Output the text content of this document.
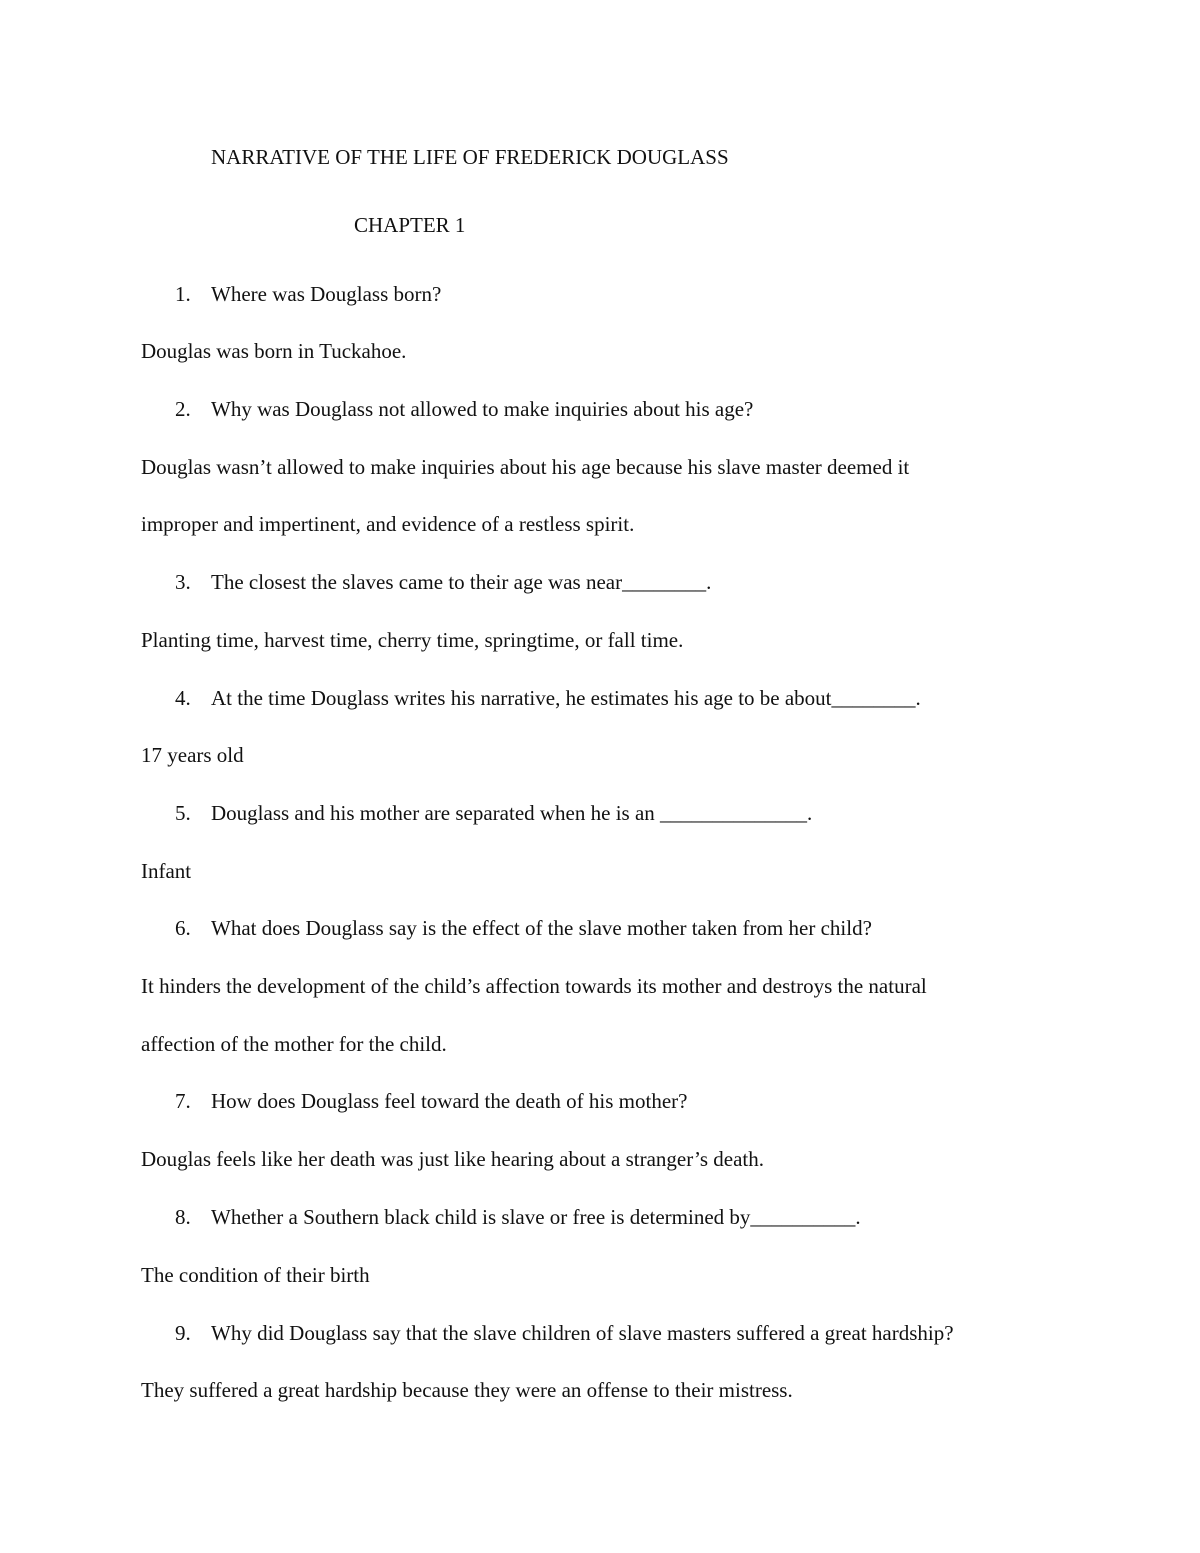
NARRATIVE OF THE LIFE OF FREDERICK DOUGLASS
CHAPTER 1
1. Where was Douglass born?
Douglas was born in Tuckahoe.
2. Why was Douglass not allowed to make inquiries about his age?
Douglas wasn’t allowed to make inquiries about his age because his slave master deemed it
improper and impertinent, and evidence of a restless spirit.
3. The closest the slaves came to their age was near________.
Planting time, harvest time, cherry time, springtime, or fall time.
4. At the time Douglass writes his narrative, he estimates his age to be about________.
17 years old
5. Douglass and his mother are separated when he is an ______________.
Infant
6. What does Douglass say is the effect of the slave mother taken from her child?
It hinders the development of the child’s affection towards its mother and destroys the natural
affection of the mother for the child.
7. How does Douglass feel toward the death of his mother?
Douglas feels like her death was just like hearing about a stranger’s death.
8. Whether a Southern black child is slave or free is determined by__________.
The condition of their birth
9. Why did Douglass say that the slave children of slave masters suffered a great hardship?
They suffered a great hardship because they were an offense to their mistress.
